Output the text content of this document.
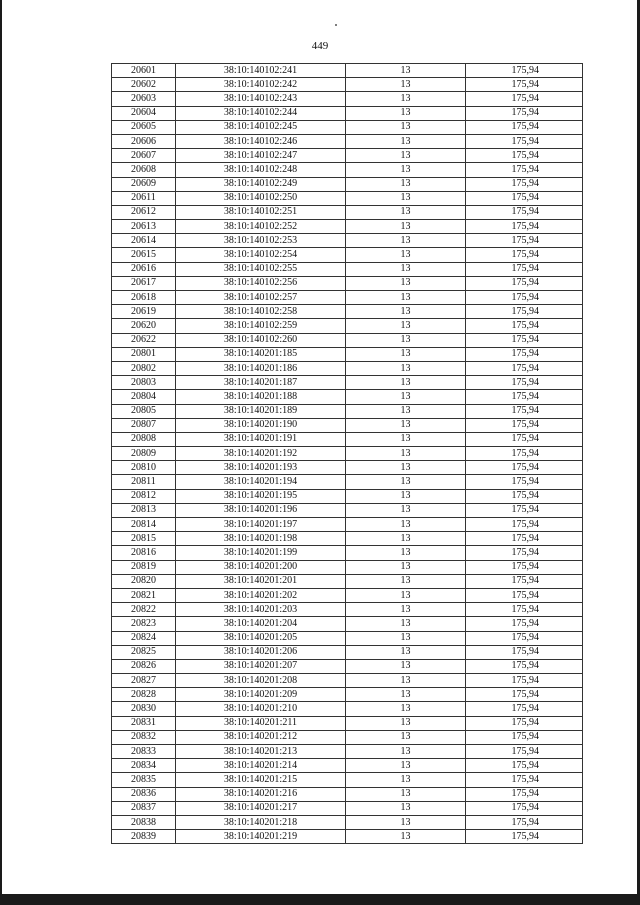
449
20601	38:10:140102:241	13	175,94
20602	38:10:140102:242	13	175,94
20603	38:10:140102:243	13	175,94
20604	38:10:140102:244	13	175,94
20605	38:10:140102:245	13	175,94
20606	38:10:140102:246	13	175,94
20607	38:10:140102:247	13	175,94
20608	38:10:140102:248	13	175,94
20609	38:10:140102:249	13	175,94
20611	38:10:140102:250	13	175,94
20612	38:10:140102:251	13	175,94
20613	38:10:140102:252	13	175,94
20614	38:10:140102:253	13	175,94
20615	38:10:140102:254	13	175,94
20616	38:10:140102:255	13	175,94
20617	38:10:140102:256	13	175,94
20618	38:10:140102:257	13	175,94
20619	38:10:140102:258	13	175,94
20620	38:10:140102:259	13	175,94
20622	38:10:140102:260	13	175,94
20801	38:10:140201:185	13	175,94
20802	38:10:140201:186	13	175,94
20803	38:10:140201:187	13	175,94
20804	38:10:140201:188	13	175,94
20805	38:10:140201:189	13	175,94
20807	38:10:140201:190	13	175,94
20808	38:10:140201:191	13	175,94
20809	38:10:140201:192	13	175,94
20810	38:10:140201:193	13	175,94
20811	38:10:140201:194	13	175,94
20812	38:10:140201:195	13	175,94
20813	38:10:140201:196	13	175,94
20814	38:10:140201:197	13	175,94
20815	38:10:140201:198	13	175,94
20816	38:10:140201:199	13	175,94
20819	38:10:140201:200	13	175,94
20820	38:10:140201:201	13	175,94
20821	38:10:140201:202	13	175,94
20822	38:10:140201:203	13	175,94
20823	38:10:140201:204	13	175,94
20824	38:10:140201:205	13	175,94
20825	38:10:140201:206	13	175,94
20826	38:10:140201:207	13	175,94
20827	38:10:140201:208	13	175,94
20828	38:10:140201:209	13	175,94
20830	38:10:140201:210	13	175,94
20831	38:10:140201:211	13	175,94
20832	38:10:140201:212	13	175,94
20833	38:10:140201:213	13	175,94
20834	38:10:140201:214	13	175,94
20835	38:10:140201:215	13	175,94
20836	38:10:140201:216	13	175,94
20837	38:10:140201:217	13	175,94
20838	38:10:140201:218	13	175,94
20839	38:10:140201:219	13	175,94
